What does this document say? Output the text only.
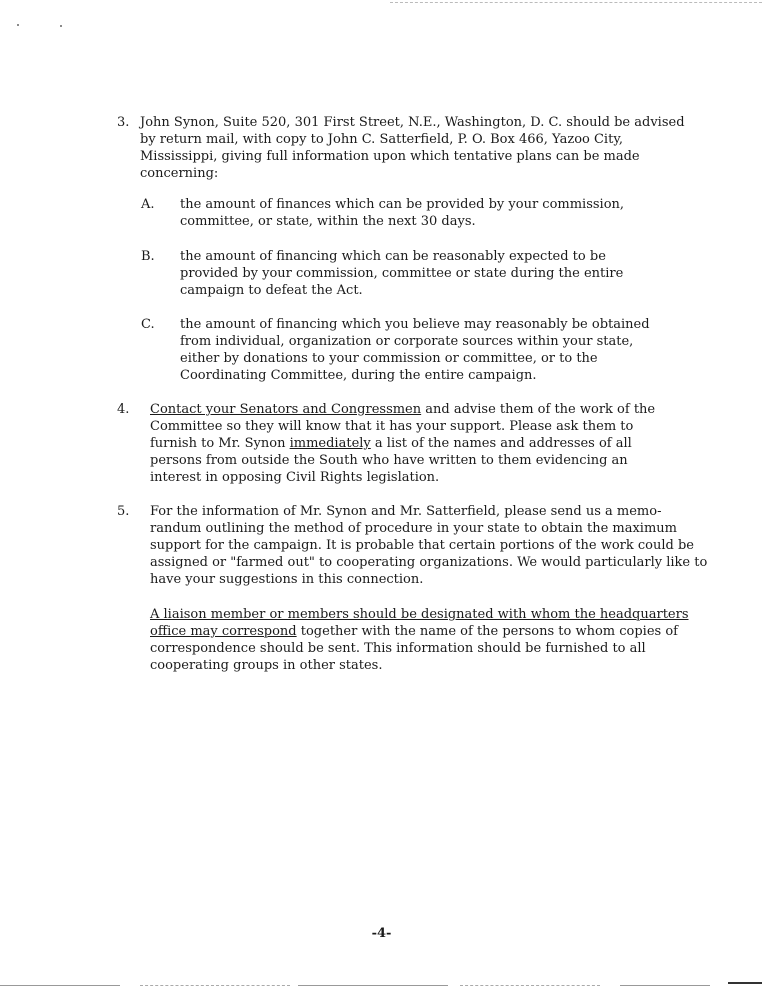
3. John Synon, Suite 520, 301 First Street, N.E., Washington, D. C. should be advised by return mail, with copy to John C. Satterfield, P. O. Box 466, Yazoo City, Mississippi, giving full information upon which tentative plans can be made concerning:

A. the amount of finances which can be provided by your commission, committee, or state, within the next 30 days.

B. the amount of financing which can be reasonably expected to be provided by your commission, committee or state during the entire campaign to defeat the Act.

C. the amount of financing which you believe may reasonably be obtained from individual, organization or corporate sources within your state, either by donations to your commission or committee, or to the Coordinating Committee, during the entire campaign.

4. Contact your Senators and Congressmen and advise them of the work of the Committee so they will know that it has your support. Please ask them to furnish to Mr. Synon immediately a list of the names and addresses of all persons from outside the South who have written to them evidencing an interest in opposing Civil Rights legislation.

5. For the information of Mr. Synon and Mr. Satterfield, please send us a memo-randum outlining the method of procedure in your state to obtain the maximum support for the campaign. It is probable that certain portions of the work could be assigned or "farmed out" to cooperating organizations. We would particularly like to have your suggestions in this connection.

A liaison member or members should be designated with whom the headquarters office may correspond together with the name of the persons to whom copies of correspondence should be sent. This information should be furnished to all cooperating groups in other states.

-4-
